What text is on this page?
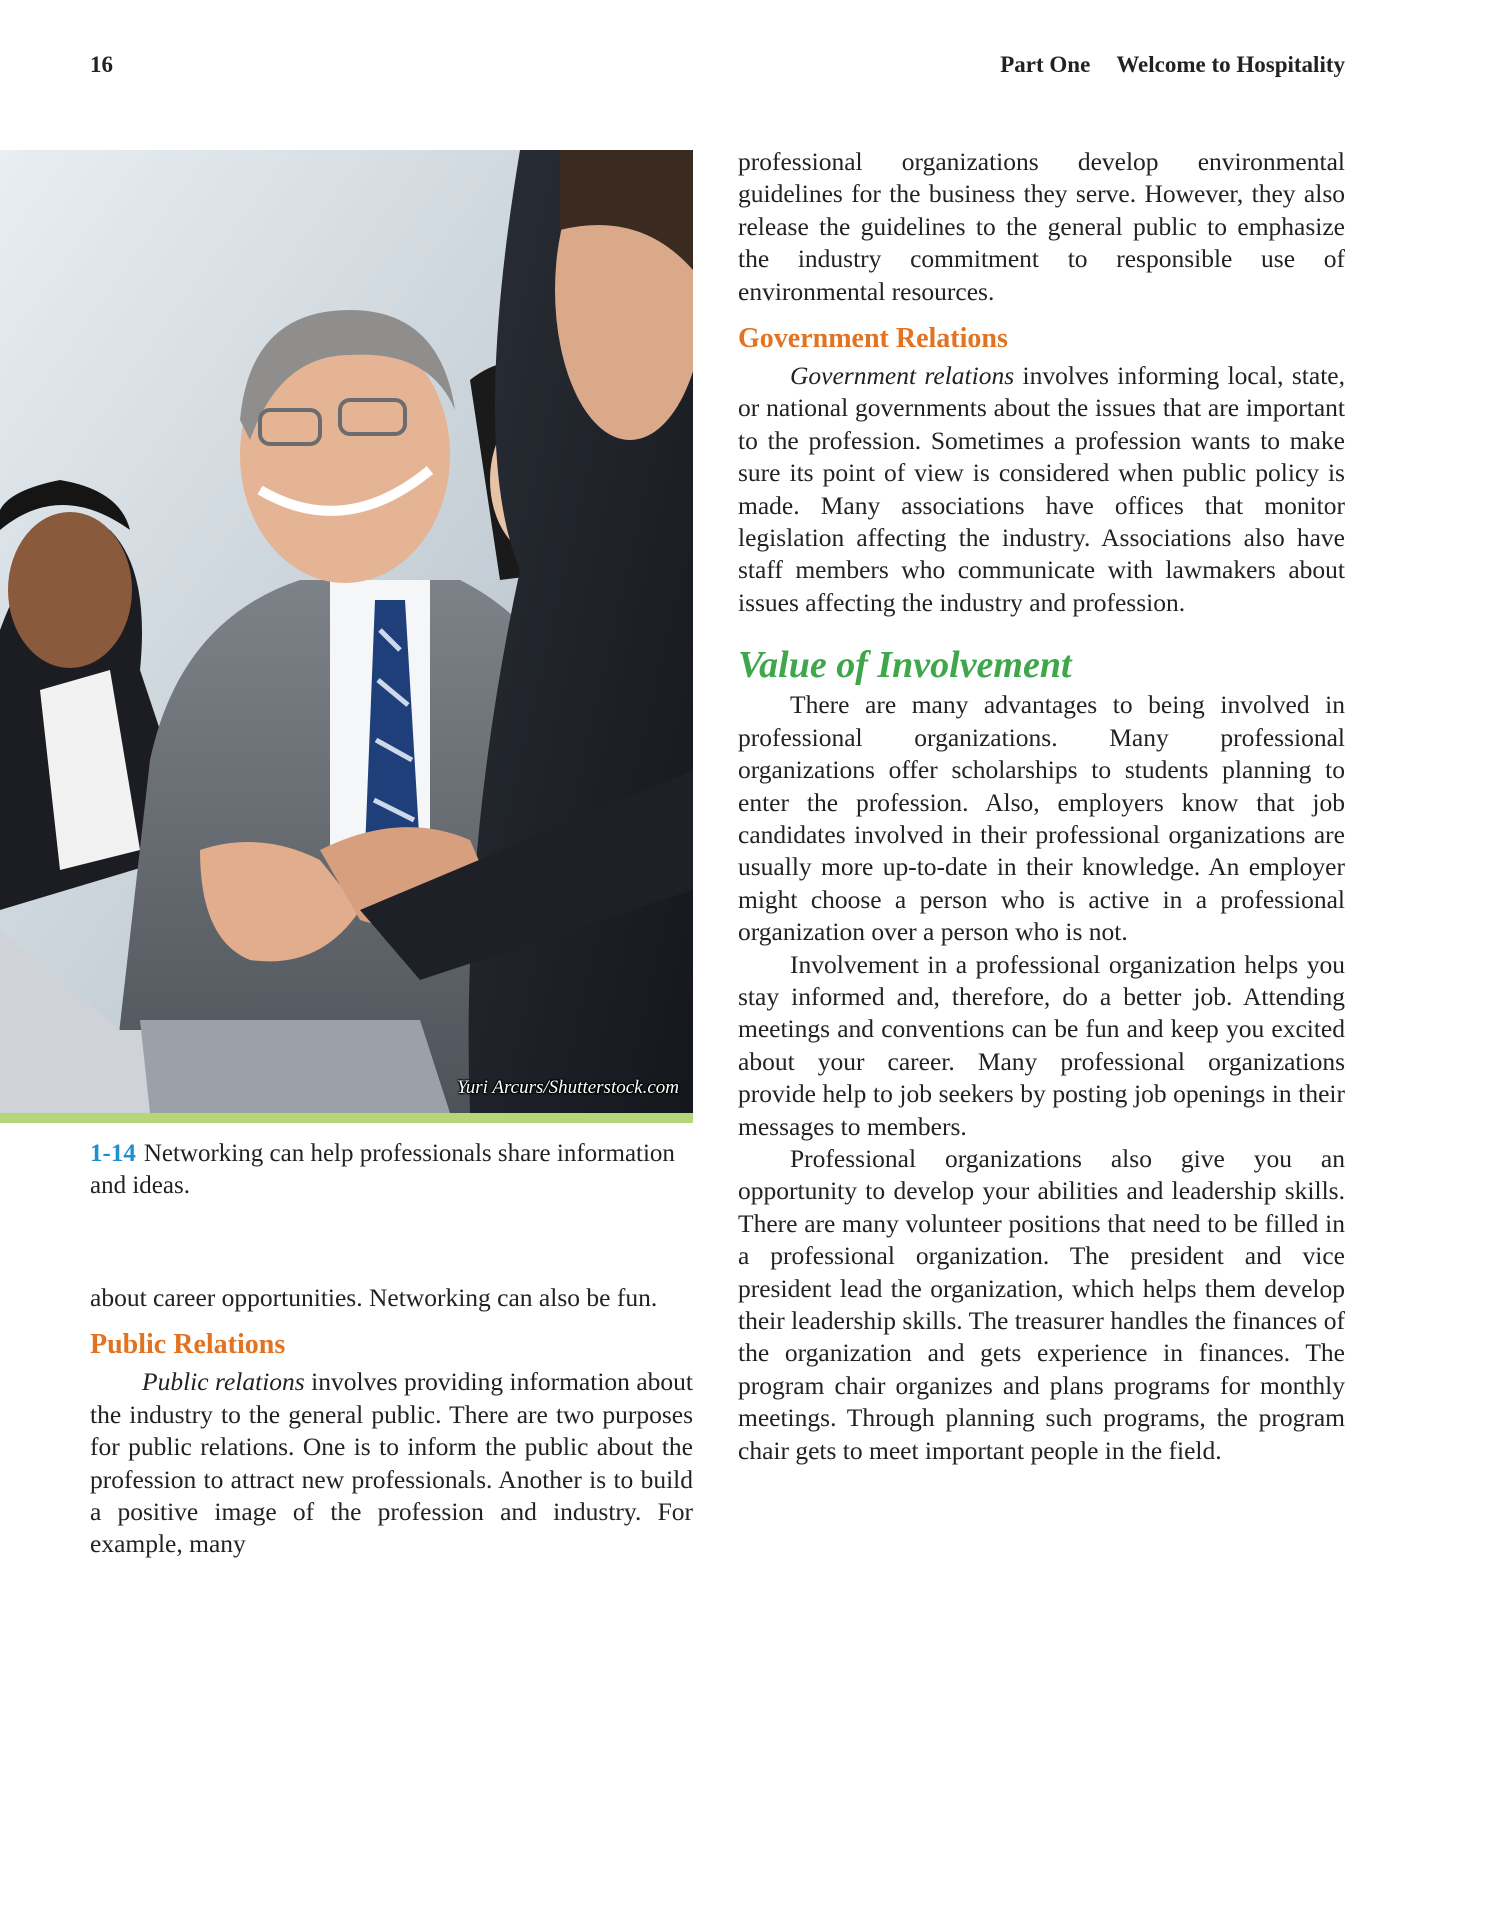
16	Part One Welcome to Hospitality
Yuri Arcurs/Shutterstock.com
1-14 Networking can help professionals share information and ideas.

about career opportunities. Networking can also be fun.

Public Relations

Public relations involves providing information about the industry to the general public. There are two purposes for public relations. One is to inform the public about the profession to attract new professionals. Another is to build a positive image of the profession and industry. For example, many

professional organizations develop environmental guidelines for the business they serve. However, they also release the guidelines to the general public to emphasize the industry commitment to responsible use of environmental resources.

Government Relations

Government relations involves informing local, state, or national governments about the issues that are important to the profession. Sometimes a profession wants to make sure its point of view is considered when public policy is made. Many associations have offices that monitor legislation affecting the industry. Associations also have staff members who communicate with lawmakers about issues affecting the industry and profession.

Value of Involvement

There are many advantages to being involved in professional organizations. Many professional organizations offer scholarships to students planning to enter the profession. Also, employers know that job candidates involved in their professional organizations are usually more up-to-date in their knowledge. An employer might choose a person who is active in a professional organization over a person who is not.

Involvement in a professional organization helps you stay informed and, therefore, do a better job. Attending meetings and conventions can be fun and keep you excited about your career. Many professional organizations provide help to job seekers by posting job openings in their messages to members.

Professional organizations also give you an opportunity to develop your abilities and leadership skills. There are many volunteer positions that need to be filled in a professional organization. The president and vice president lead the organization, which helps them develop their leadership skills. The treasurer handles the finances of the organization and gets experience in finances. The program chair organizes and plans programs for monthly meetings. Through planning such programs, the program chair gets to meet important people in the field.
